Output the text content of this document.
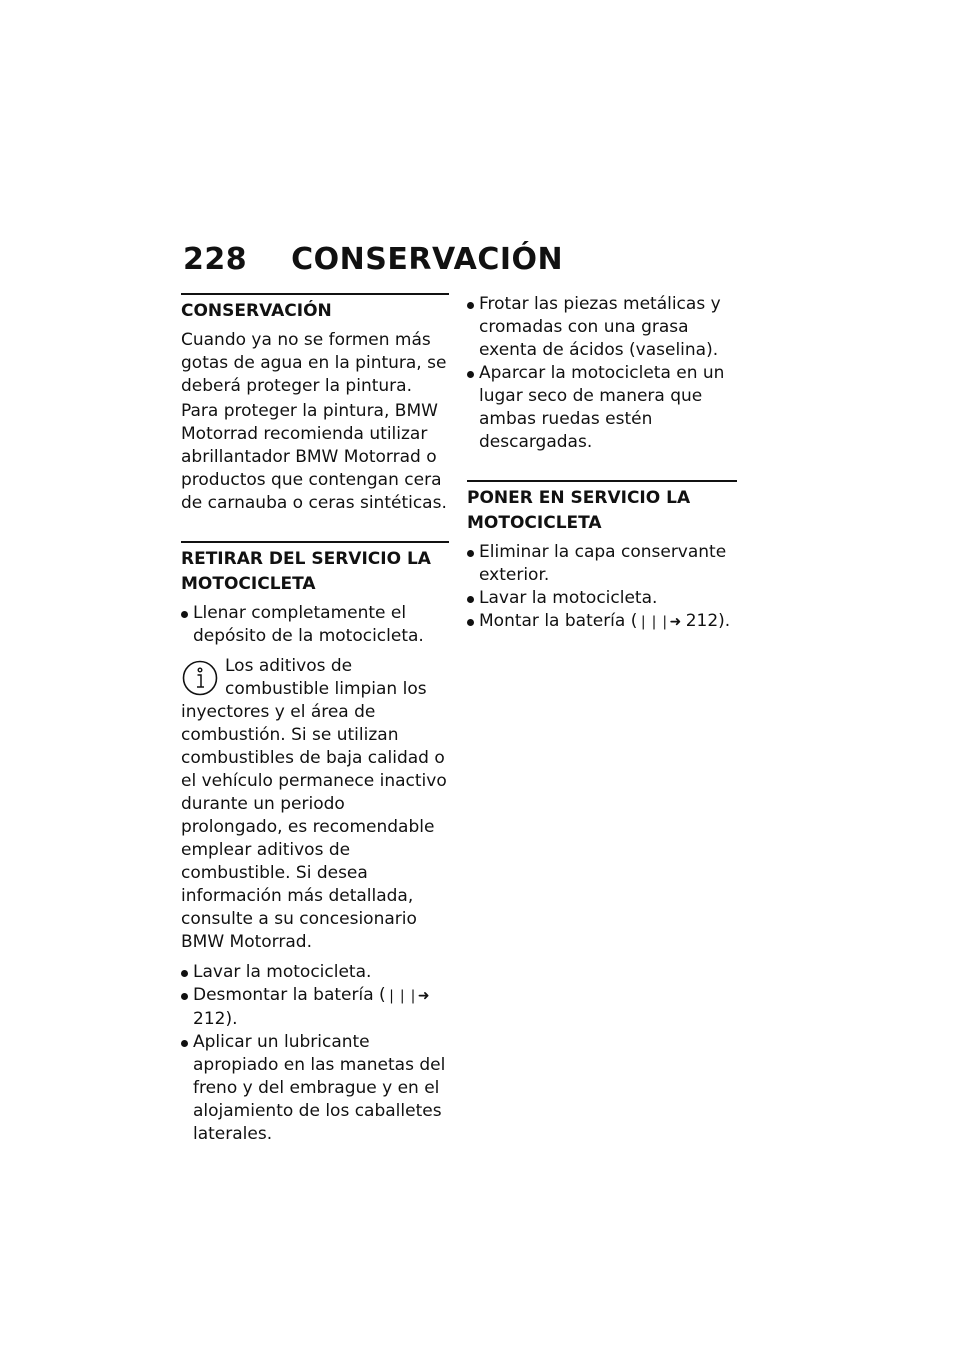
228 CONSERVACIÓN
CONSERVACIÓN

Cuando ya no se formen más gotas de agua en la pintura, se deberá proteger la pintura.

Para proteger la pintura, BMW Motorrad recomienda utilizar abrillantador BMW Motorrad o productos que contengan cera de carnauba o ceras sintéticas.

RETIRAR DEL SERVICIO LA MOTOCICLETA
Llenar completamente el depósito de la motocicleta.
Los aditivos de combustible limpian los inyectores y el área de combustión. Si se utilizan combustibles de baja calidad o el vehículo permanece inactivo durante un periodo prolongado, es recomendable emplear aditivos de combustible. Si desea información más detallada, consulte a su concesionario BMW Motorrad.
Lavar la motocicleta.
Desmontar la batería (❘❘❘➜ 212).
Aplicar un lubricante apropiado en las manetas del freno y del embrague y en el alojamiento de los caballetes laterales.
Frotar las piezas metálicas y cromadas con una grasa exenta de ácidos (vaselina).
Aparcar la motocicleta en un lugar seco de manera que ambas ruedas estén descargadas.
PONER EN SERVICIO LA MOTOCICLETA
Eliminar la capa conservante exterior.
Lavar la motocicleta.
Montar la batería (❘❘❘➜ 212).
